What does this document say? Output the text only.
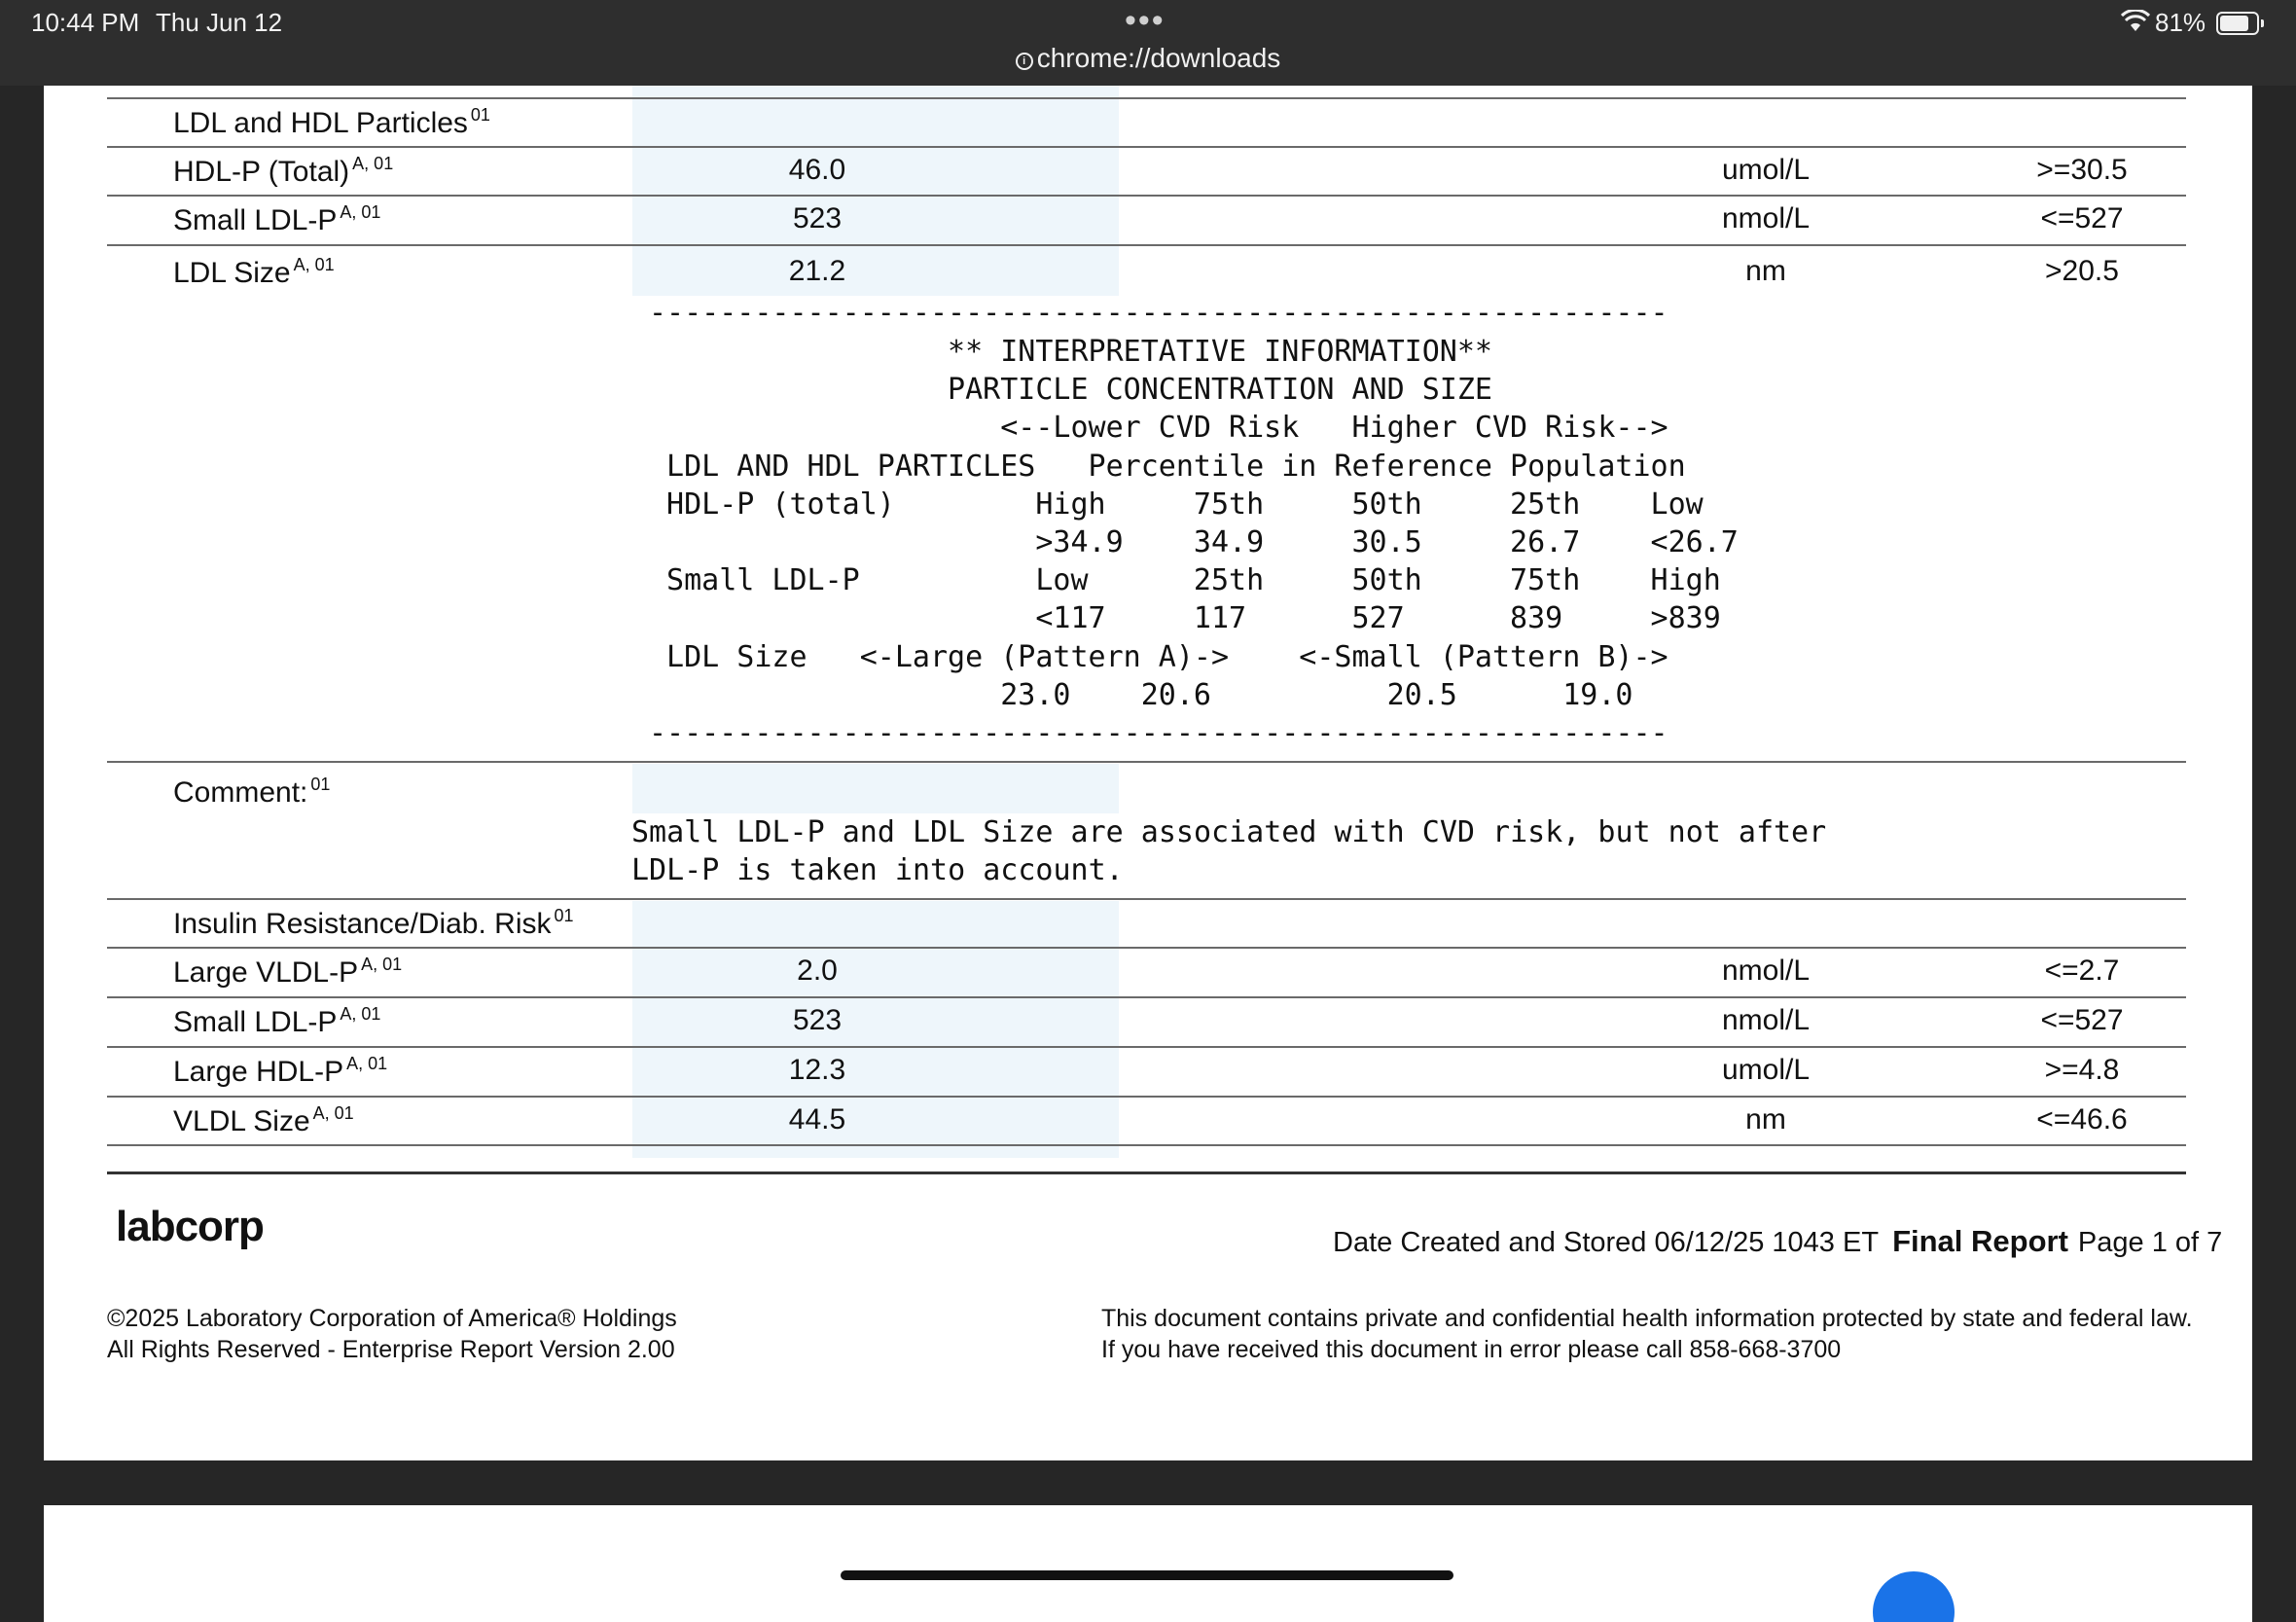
10:44 PM Thu Jun 12	•••
i chrome://downloads
81%
LDL and HDL Particles $^{01}$
HDL-P (Total) $^{A, 01}$	46.0	umol/L	>=30.5
Small LDL-P $^{A, 01}$	523	nmol/L	<=527
LDL Size $^{A, 01}$	21.2	nm	>20.5
----------------------------------------------------------
** INTERPRETATIVE INFORMATION**
PARTICLE CONCENTRATION AND SIZE
<--Lower CVD Risk   Higher CVD Risk-->
LDL AND HDL PARTICLES   Percentile in Reference Population
HDL-P (total)        High     75th     50th     25th    Low
>34.9    34.9     30.5     26.7    <26.7
Small LDL-P          Low      25th     50th     75th    High
<117     117      527      839     >839
LDL Size   <-Large (Pattern A)->    <-Small (Pattern B)->
23.0    20.6          20.5      19.0
----------------------------------------------------------
Comment: $^{01}$
Small LDL-P and LDL Size are associated with CVD risk, but not after
LDL-P is taken into account.
Insulin Resistance/Diab. Risk $^{01}$
Large VLDL-P $^{A, 01}$	2.0	nmol/L	<=2.7
Small LDL-P $^{A, 01}$	523	nmol/L	<=527
Large HDL-P $^{A, 01}$	12.3	umol/L	>=4.8
VLDL Size $^{A, 01}$	44.5	nm	<=46.6
labcorp	Date Created and Stored 06/12/25 1043 ET Final Report Page 1 of 7
©2025 Laboratory Corporation of America® Holdings
All Rights Reserved - Enterprise Report Version 2.00
This document contains private and confidential health information protected by state and federal law.
If you have received this document in error please call 858-668-3700
